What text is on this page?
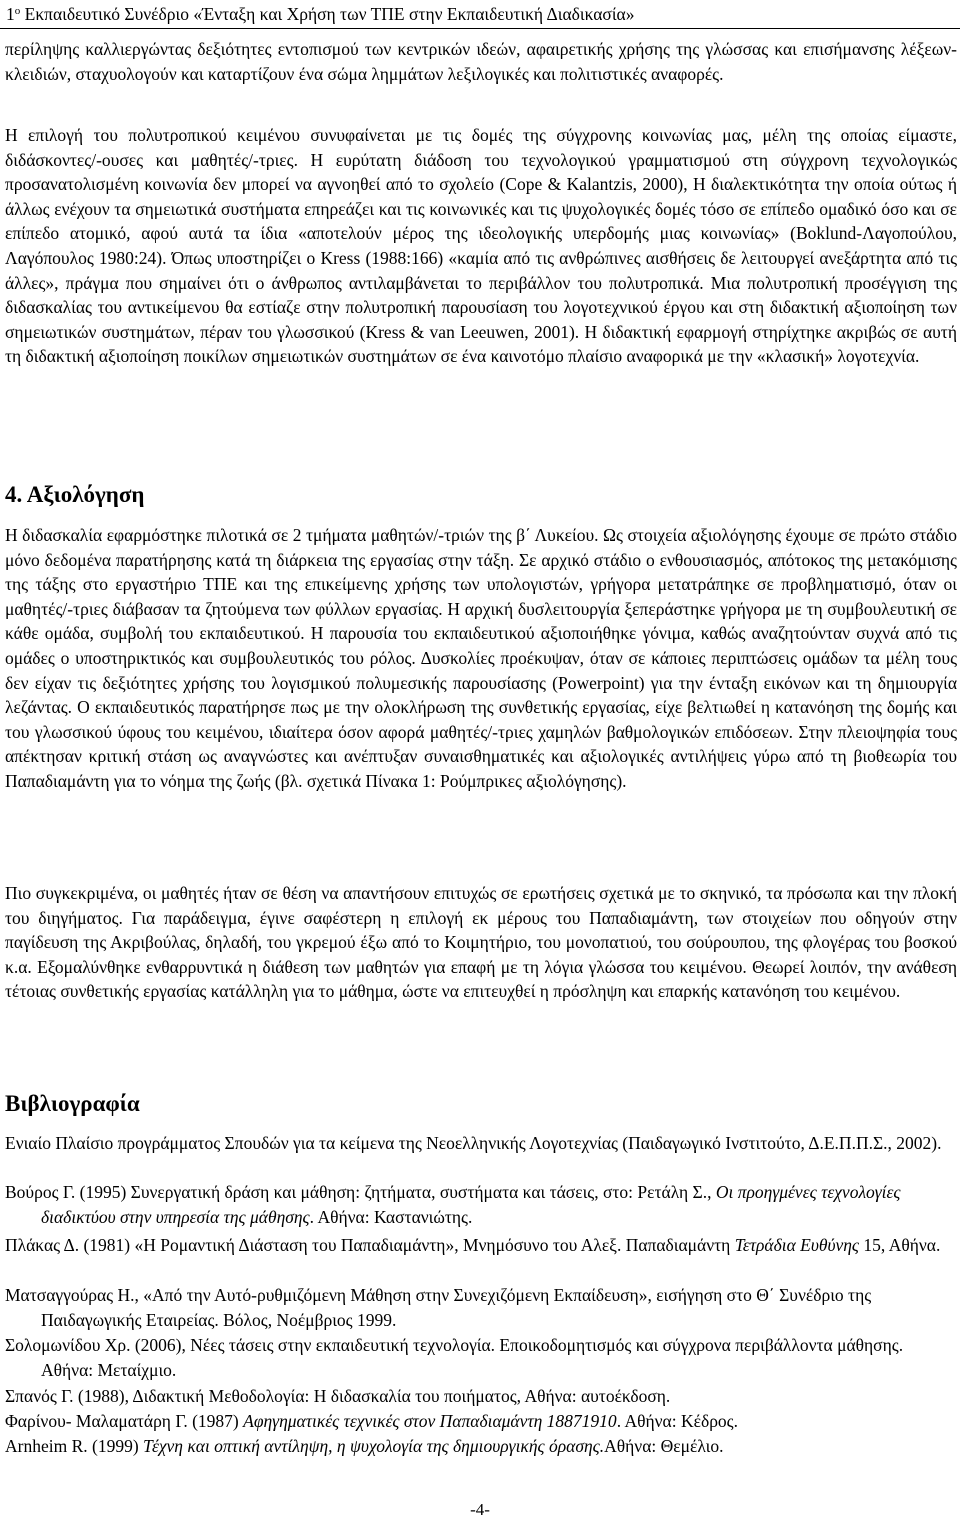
$1^o$ Εκπαιδευτικό Συνέδριο «Ένταξη και Χρήση των ΤΠΕ στην Εκπαιδευτική Διαδικασία»

περίληψης καλλιεργώντας δεξιότητες εντοπισμού των κεντρικών ιδεών, αφαιρετικής χρήσης της γλώσσας και επισήμανσης λέξεων-κλειδιών, σταχυολογούν και καταρτίζουν ένα σώμα λημμάτων λεξιλογικές και πολιτιστικές αναφορές.

Η επιλογή του πολυτροπικού κειμένου συνυφαίνεται με τις δομές της σύγχρονης κοινωνίας μας, μέλη της οποίας είμαστε, διδάσκοντες/-ουσες και μαθητές/-τριες. Η ευρύτατη διάδοση του τεχνολογικού γραμματισμού στη σύγχρονη τεχνολογικώς προσανατολισμένη κοινωνία δεν μπορεί να αγνοηθεί από το σχολείο (Cope & Kalantzis, 2000), Η διαλεκτικότητα την οποία ούτως ή άλλως ενέχουν τα σημειωτικά συστήματα επηρεάζει και τις κοινωνικές και τις ψυχολογικές δομές τόσο σε επίπεδο ομαδικό όσο και σε επίπεδο ατομικό, αφού αυτά τα ίδια «αποτελούν μέρος της ιδεολογικής υπερδομής μιας κοινωνίας» (Boklund-Λαγοπούλου, Λαγόπουλος 1980:24). Όπως υποστηρίζει ο Kress (1988:166) «καμία από τις ανθρώπινες αισθήσεις δε λειτουργεί ανεξάρτητα από τις άλλες», πράγμα που σημαίνει ότι ο άνθρωπος αντιλαμβάνεται το περιβάλλον του πολυτροπικά. Μια πολυτροπική προσέγγιση της διδασκαλίας του αντικείμενου θα εστίαζε στην πολυτροπική παρουσίαση του λογοτεχνικού έργου και στη διδακτική αξιοποίηση των σημειωτικών συστημάτων, πέραν του γλωσσικού (Kress & van Leeuwen, 2001). Η διδακτική εφαρμογή στηρίχτηκε ακριβώς σε αυτή τη διδακτική αξιοποίηση ποικίλων σημειωτικών συστημάτων σε ένα καινοτόμο πλαίσιο αναφορικά με την «κλασική» λογοτεχνία.

4. Αξιολόγηση

Η διδασκαλία εφαρμόστηκε πιλοτικά σε 2 τμήματα μαθητών/-τριών της β΄ Λυκείου. Ως στοιχεία αξιολόγησης έχουμε σε πρώτο στάδιο μόνο δεδομένα παρατήρησης κατά τη διάρκεια της εργασίας στην τάξη. Σε αρχικό στάδιο ο ενθουσιασμός, απότοκος της μετακόμισης της τάξης στο εργαστήριο ΤΠΕ και της επικείμενης χρήσης των υπολογιστών, γρήγορα μετατράπηκε σε προβληματισμό, όταν οι μαθητές/-τριες διάβασαν τα ζητούμενα των φύλλων εργασίας. Η αρχική δυσλειτουργία ξεπεράστηκε γρήγορα με τη συμβουλευτική σε κάθε ομάδα, συμβολή του εκπαιδευτικού. Η παρουσία του εκπαιδευτικού αξιοποιήθηκε γόνιμα, καθώς αναζητούνταν συχνά από τις ομάδες ο υποστηρικτικός και συμβουλευτικός του ρόλος. Δυσκολίες προέκυψαν, όταν σε κάποιες περιπτώσεις ομάδων τα μέλη τους δεν είχαν τις δεξιότητες χρήσης του λογισμικού πολυμεσικής παρουσίασης (Powerpoint) για την ένταξη εικόνων και τη δημιουργία λεζάντας. Ο εκπαιδευτικός παρατήρησε πως με την ολοκλήρωση της συνθετικής εργασίας, είχε βελτιωθεί η κατανόηση της δομής και του γλωσσικού ύφους του κειμένου, ιδιαίτερα όσον αφορά μαθητές/-τριες χαμηλών βαθμολογικών επιδόσεων. Στην πλειοψηφία τους απέκτησαν κριτική στάση ως αναγνώστες και ανέπτυξαν συναισθηματικές και αξιολογικές αντιλήψεις γύρω από τη βιοθεωρία του Παπαδιαμάντη για το νόημα της ζωής (βλ. σχετικά Πίνακα 1: Ρούμπρικες αξιολόγησης).

Πιο συγκεκριμένα, οι μαθητές ήταν σε θέση να απαντήσουν επιτυχώς σε ερωτήσεις σχετικά με το σκηνικό, τα πρόσωπα και την πλοκή του διηγήματος. Για παράδειγμα, έγινε σαφέστερη η επιλογή εκ μέρους του Παπαδιαμάντη, των στοιχείων που οδηγούν στην παγίδευση της Ακριβούλας, δηλαδή, του γκρεμού έξω από το Κοιμητήριο, του μονοπατιού, του σούρουπου, της φλογέρας του βοσκού κ.α. Εξομαλύνθηκε ενθαρρυντικά η διάθεση των μαθητών για επαφή με τη λόγια γλώσσα του κειμένου. Θεωρεί λοιπόν, την ανάθεση τέτοιας συνθετικής εργασίας κατάλληλη για το μάθημα, ώστε να επιτευχθεί η πρόσληψη και επαρκής κατανόηση του κειμένου.

Βιβλιογραφία

Ενιαίο Πλαίσιο προγράμματος Σπουδών για τα κείμενα της Νεοελληνικής Λογοτεχνίας (Παιδαγωγικό Ινστιτούτο, Δ.Ε.Π.Π.Σ., 2002).

Βούρος Γ. (1995) Συνεργατική δράση και μάθηση: ζητήματα, συστήματα και τάσεις, στο: Ρετάλη Σ., Οι προηγμένες τεχνολογίες διαδικτύου στην υπηρεσία της μάθησης. Αθήνα: Καστανιώτης.

Πλάκας Δ. (1981) «Η Ρομαντική Διάσταση του Παπαδιαμάντη», Μνημόσυνο του Αλεξ. Παπαδιαμάντη Τετράδια Ευθύνης 15, Αθήνα.

Ματσαγγούρας Η., «Από την Αυτό-ρυθμιζόμενη Μάθηση στην Συνεχιζόμενη Εκπαίδευση», εισήγηση στο Θ΄ Συνέδριο της Παιδαγωγικής Εταιρείας. Βόλος, Νοέμβριος 1999.

Σολομωνίδου Χρ. (2006), Νέες τάσεις στην εκπαιδευτική τεχνολογία. Εποικοδομητισμός και σύγχρονα περιβάλλοντα μάθησης. Αθήνα: Μεταίχμιο.

Σπανός Γ. (1988), Διδακτική Μεθοδολογία: Η διδασκαλία του ποιήματος, Αθήνα: αυτοέκδοση.

Φαρίνου- Μαλαματάρη Γ. (1987) Αφηγηματικές τεχνικές στον Παπαδιαμάντη 18871910. Αθήνα: Κέδρος.

Arnheim R. (1999) Τέχνη και οπτική αντίληψη, η ψυχολογία της δημιουργικής όρασης.Αθήνα: Θεμέλιο.

-4-
